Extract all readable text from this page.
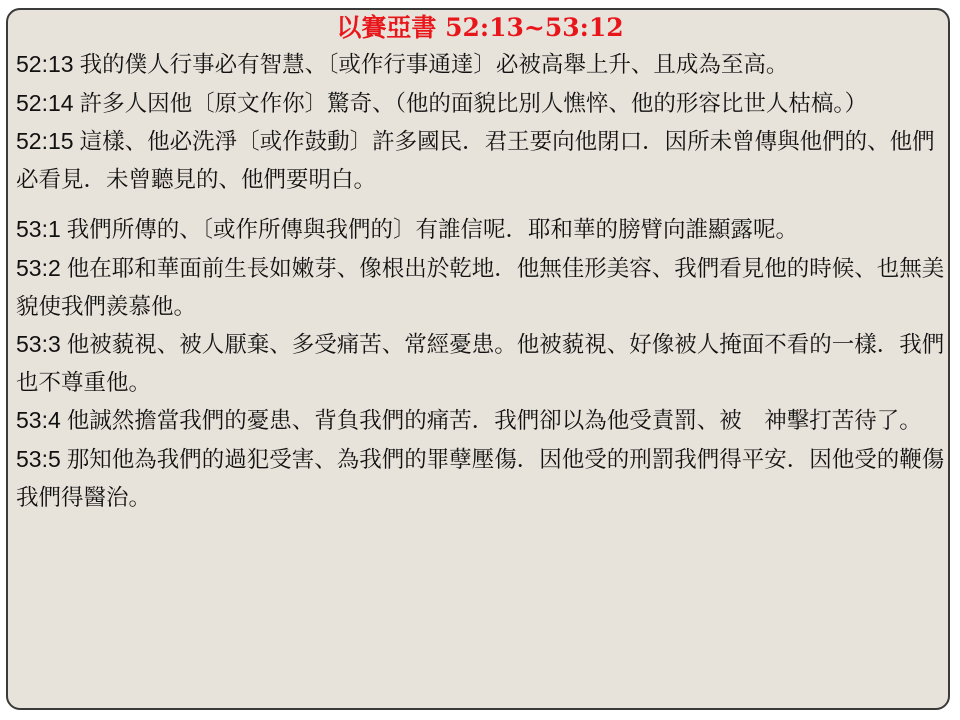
以賽亞書 52:13~53:12

52:13 我的僕人行事必有智慧、〔或作行事通達〕必被高舉上升、且成為至高。

52:14 許多人因他〔原文作你〕驚奇、（他的面貌比別人憔悴、他的形容比世人枯槁。）

52:15 這樣、他必洗淨〔或作鼓動〕許多國民．君王要向他閉口．因所未曾傳與他們的、他們必看見．未曾聽見的、他們要明白。

53:1 我們所傳的、〔或作所傳與我們的〕有誰信呢．耶和華的膀臂向誰顯露呢。

53:2 他在耶和華面前生長如嫩芽、像根出於乾地．他無佳形美容、我們看見他的時候、也無美貌使我們羨慕他。

53:3 他被藐視、被人厭棄、多受痛苦、常經憂患。他被藐視、好像被人掩面不看的一樣．我們也不尊重他。

53:4 他誠然擔當我們的憂患、背負我們的痛苦．我們卻以為他受責罰、被　神擊打苦待了。

53:5 那知他為我們的過犯受害、為我們的罪孽壓傷．因他受的刑罰我們得平安．因他受的鞭傷我們得醫治。
